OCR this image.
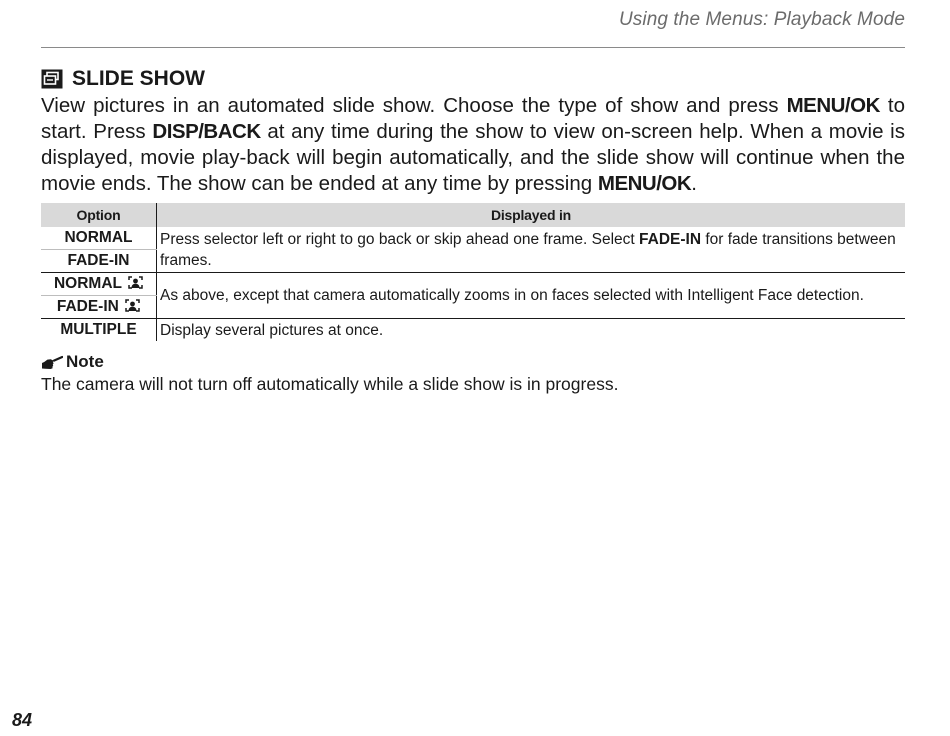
Using the Menus: Playback Mode
SLIDE SHOW
View pictures in an automated slide show. Choose the type of show and press MENU/OK to start. Press DISP/BACK at any time during the show to view on-screen help. When a movie is displayed, movie play-back will begin automatically, and the slide show will continue when the movie ends. The show can be ended at any time by pressing MENU/OK.
Option	Displayed in
NORMAL	Press selector left or right to go back or skip ahead one frame. Select FADE-IN for fade transitions between frames.
FADE-IN	
NORMAL	As above, except that camera automatically zooms in on faces selected with Intelligent Face detection.
FADE-IN	
MULTIPLE	Display several pictures at once.
Note
The camera will not turn off automatically while a slide show is in progress.
84
